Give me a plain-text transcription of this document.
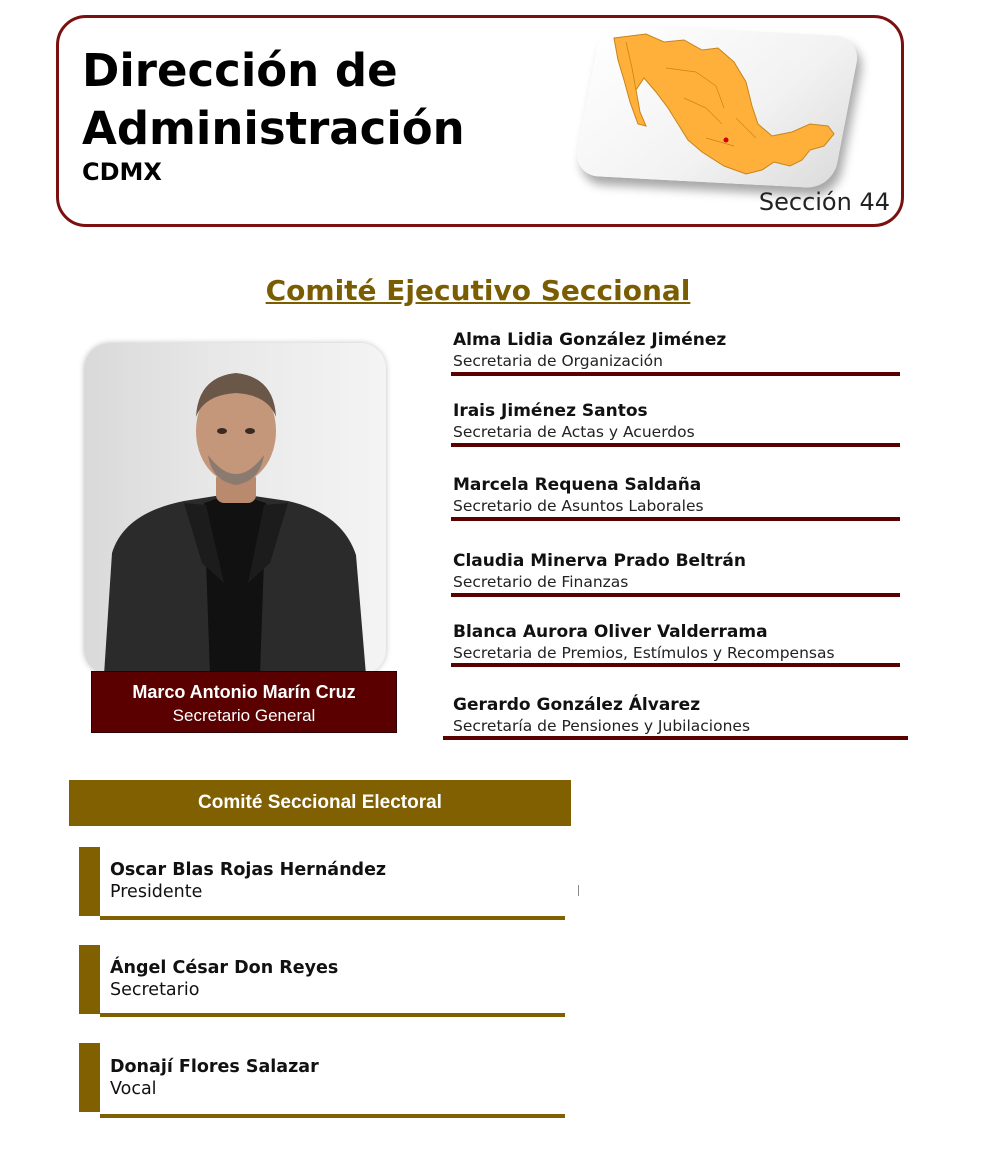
Dirección de
Administración
CDMX
Sección 44
Comité Ejecutivo Seccional
Marco Antonio Marín Cruz
Secretario General
Alma Lidia González Jiménez
Secretaria de Organización
Irais Jiménez Santos
Secretaria de Actas y Acuerdos
Marcela Requena Saldaña
Secretario de Asuntos Laborales
Claudia Minerva Prado Beltrán
Secretario de Finanzas
Blanca Aurora Oliver Valderrama
Secretaria de Premios, Estímulos y Recompensas
Gerardo González Álvarez
Secretaría de Pensiones y Jubilaciones
Comité Seccional Electoral
Oscar Blas Rojas Hernández
Presidente
Ángel César Don Reyes
Secretario
Donají Flores Salazar
Vocal
